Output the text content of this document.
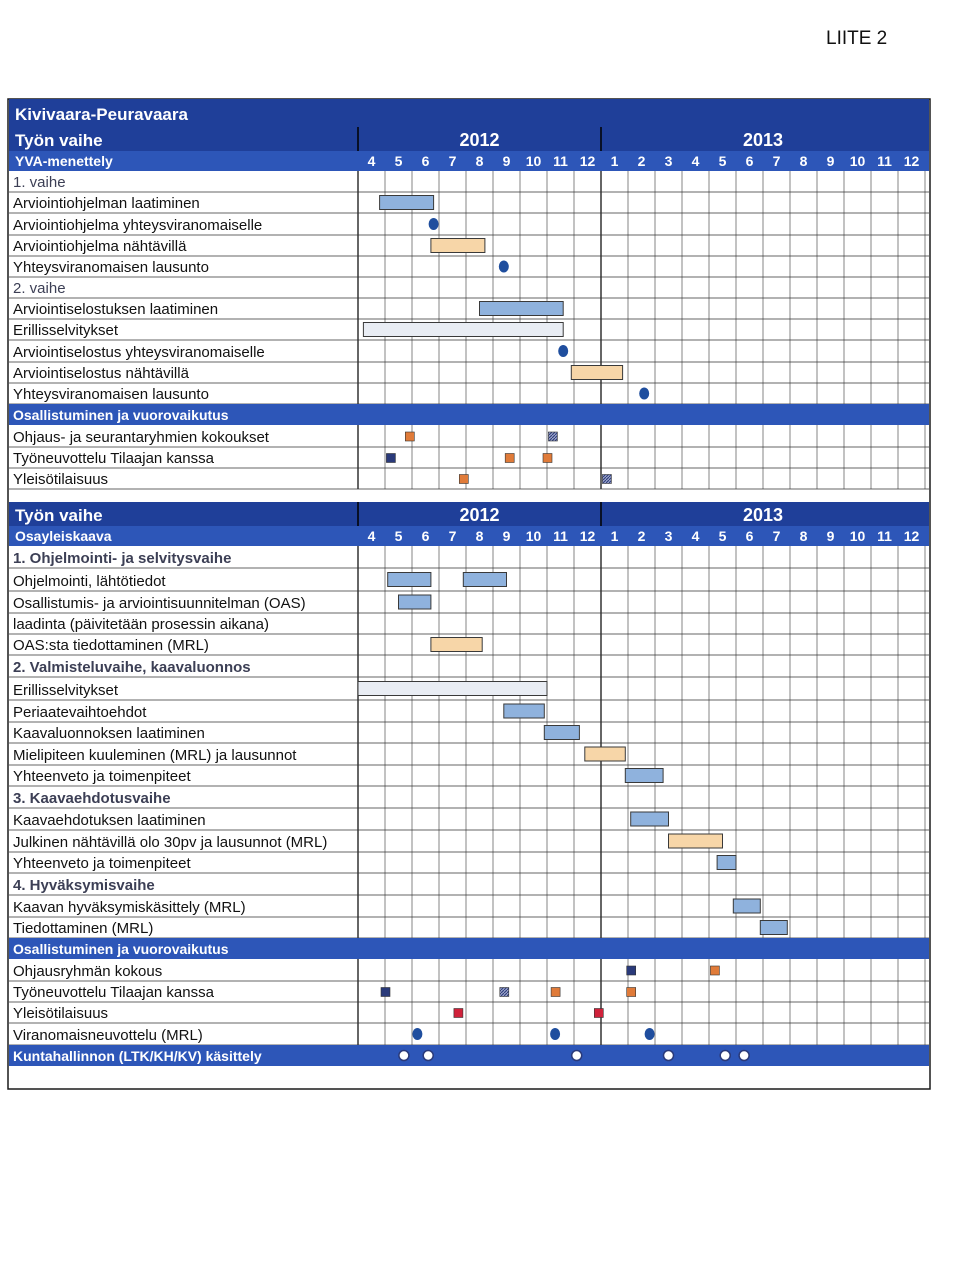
LIITE 2
Kivivaara-Peuravaara
Työn vaihe	2012	2013
YVA-menettely	4 5 6 7 8 9 10 11 12 1 2 3 4 5 6 7 8 9 10 11 12
1. vaihe
Arviointiohjelman laatiminen
Arviointiohjelma yhteysviranomaiselle
Arviointiohjelma nähtävillä
Yhteysviranomaisen lausunto
2. vaihe
Arviointiselostuksen laatiminen
Erillisselvitykset
Arviointiselostus yhteysviranomaiselle
Arviointiselostus nähtävillä
Yhteysviranomaisen lausunto
Osallistuminen ja vuorovaikutus
Ohjaus- ja seurantaryhmien kokoukset
Työneuvottelu Tilaajan kanssa
Yleisötilaisuus
Työn vaihe	2012	2013
Osayleiskaava	4 5 6 7 8 9 10 11 12 1 2 3 4 5 6 7 8 9 10 11 12
1. Ohjelmointi- ja selvitysvaihe
Ohjelmointi, lähtötiedot
Osallistumis- ja arviointisuunnitelman (OAS)
laadinta (päivitetään prosessin aikana)
OAS:sta tiedottaminen (MRL)
2. Valmisteluvaihe, kaavaluonnos
Erillisselvitykset
Periaatevaihtoehdot
Kaavaluonnoksen laatiminen
Mielipiteen kuuleminen (MRL) ja lausunnot
Yhteenveto ja toimenpiteet
3. Kaavaehdotusvaihe
Kaavaehdotuksen laatiminen
Julkinen nähtävillä olo 30pv ja lausunnot (MRL)
Yhteenveto ja toimenpiteet
4. Hyväksymisvaihe
Kaavan hyväksymiskäsittely (MRL)
Tiedottaminen (MRL)
Osallistuminen ja vuorovaikutus
Ohjausryhmän kokous
Työneuvottelu Tilaajan kanssa
Yleisötilaisuus
Viranomaisneuvottelu (MRL)
Kuntahallinnon (LTK/KH/KV) käsittely
